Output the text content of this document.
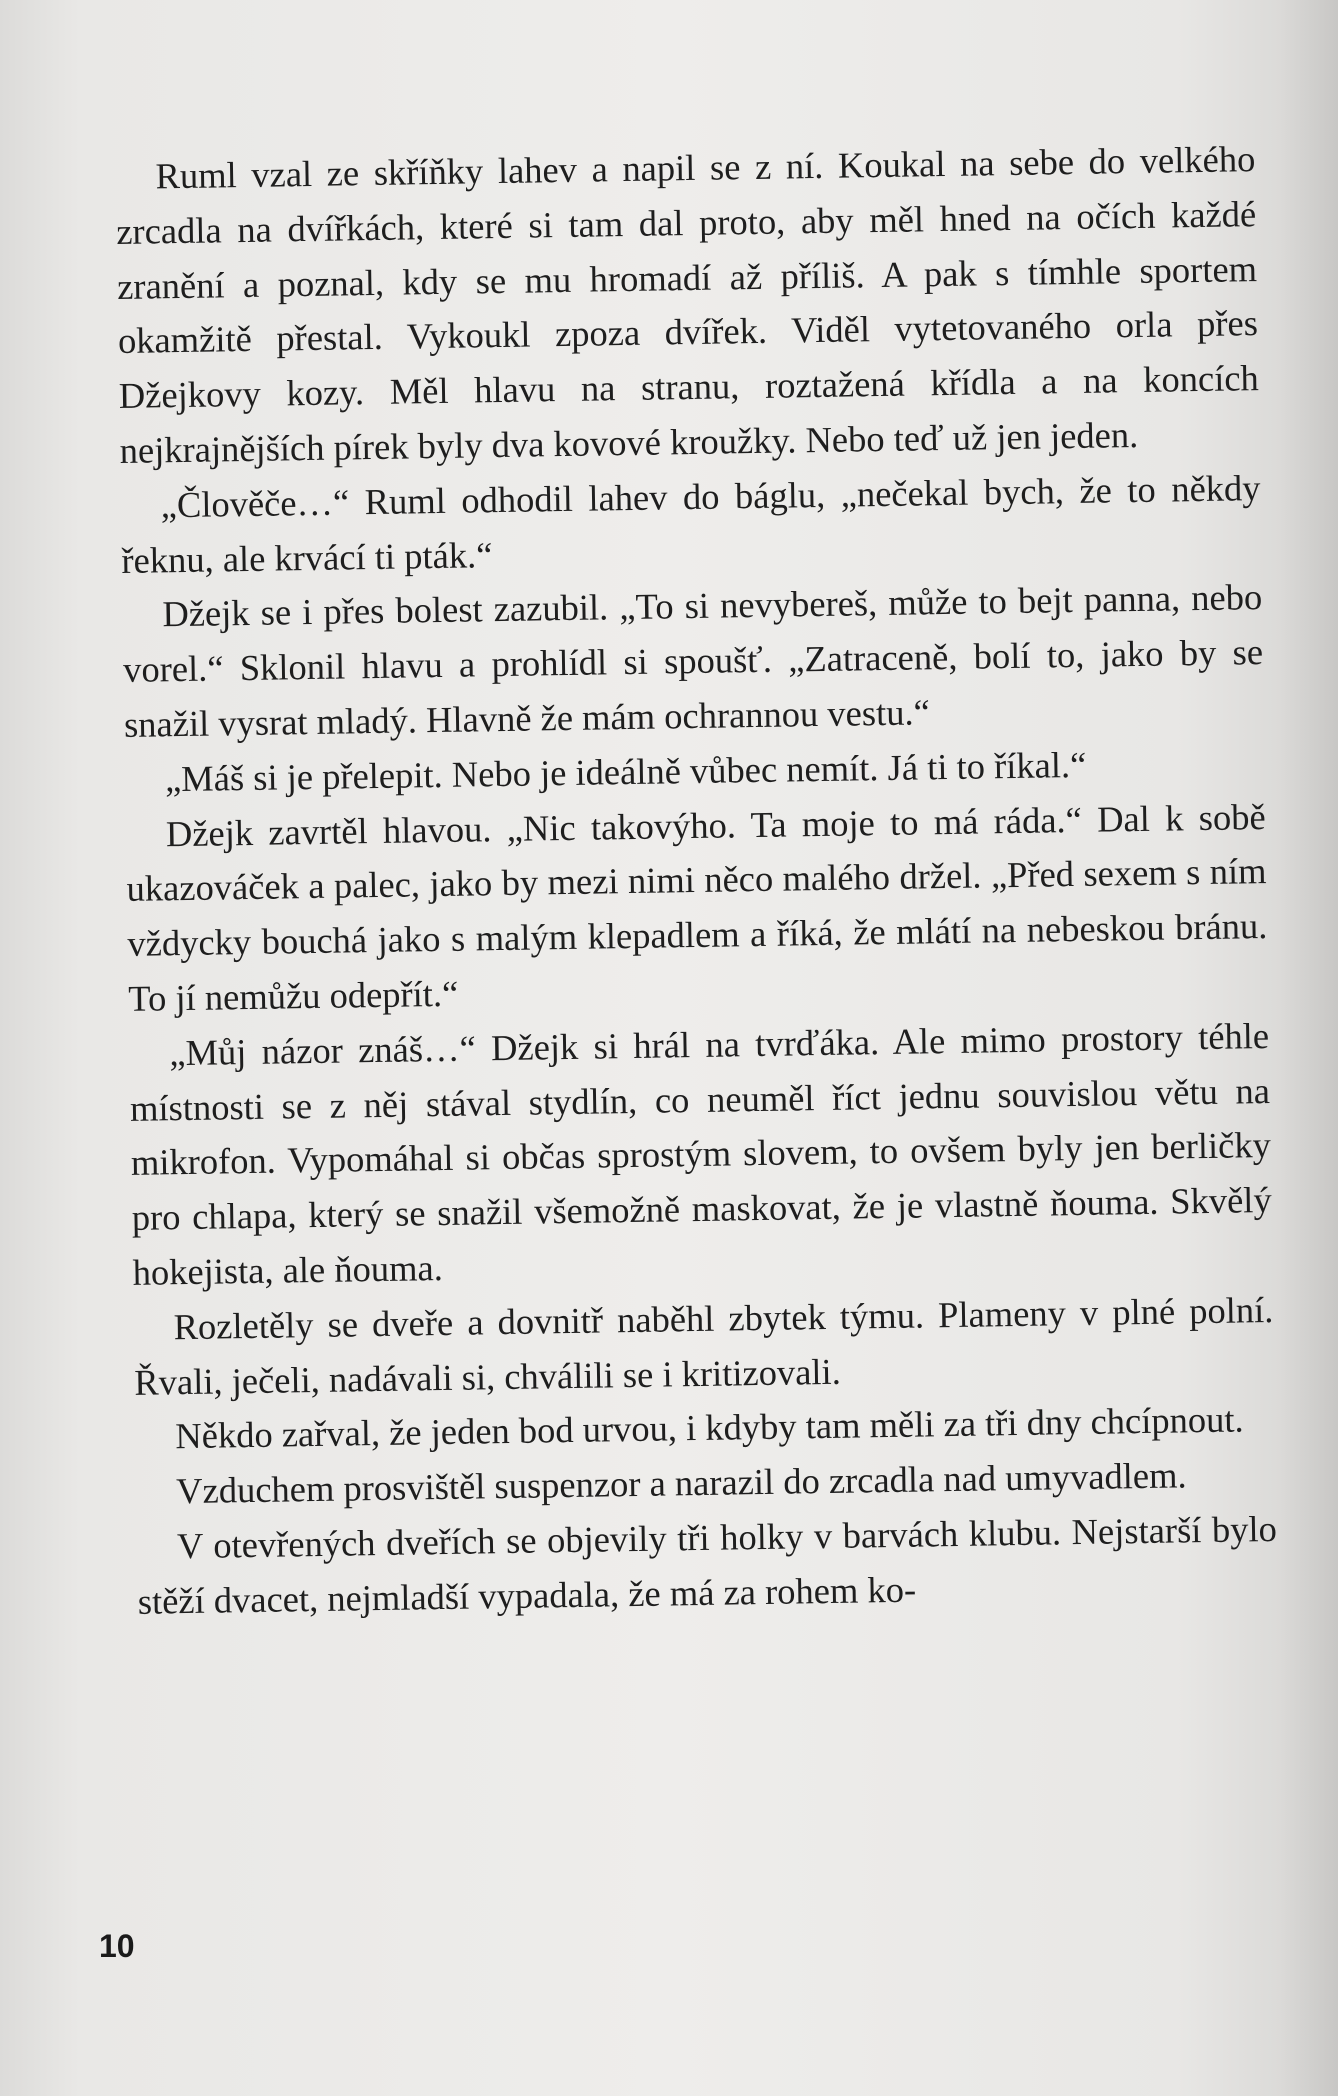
Ruml vzal ze skříňky lahev a napil se z ní. Koukal na sebe do velkého zrcadla na dvířkách, které si tam dal proto, aby měl hned na očích každé zranění a poznal, kdy se mu hromadí až příliš. A pak s tímhle sportem okamžitě přestal. Vykoukl zpoza dvířek. Viděl vytetovaného orla přes Džejkovy kozy. Měl hlavu na stranu, roztažená křídla a na koncích nejkrajnějších pírek byly dva kovové kroužky. Nebo teď už jen jeden.

„Člověče…“ Ruml odhodil lahev do báglu, „nečekal bych, že to někdy řeknu, ale krvácí ti pták.“

Džejk se i přes bolest zazubil. „To si nevybereš, může to bejt panna, nebo vorel.“ Sklonil hlavu a prohlídl si spoušť. „Zatraceně, bolí to, jako by se snažil vysrat mladý. Hlavně že mám ochrannou vestu.“

„Máš si je přelepit. Nebo je ideálně vůbec nemít. Já ti to říkal.“

Džejk zavrtěl hlavou. „Nic takovýho. Ta moje to má ráda.“ Dal k sobě ukazováček a palec, jako by mezi nimi něco malého držel. „Před sexem s ním vždycky bouchá jako s malým klepadlem a říká, že mlátí na nebeskou bránu. To jí nemůžu odepřít.“

„Můj názor znáš…“ Džejk si hrál na tvrďáka. Ale mimo prostory téhle místnosti se z něj stával stydlín, co neuměl říct jednu souvislou větu na mikrofon. Vypomáhal si občas sprostým slovem, to ovšem byly jen berličky pro chlapa, který se snažil všemožně maskovat, že je vlastně ňouma. Skvělý hokejista, ale ňouma.

Rozletěly se dveře a dovnitř naběhl zbytek týmu. Plameny v plné polní. Řvali, ječeli, nadávali si, chválili se i kritizovali.

Někdo zařval, že jeden bod urvou, i kdyby tam měli za tři dny chcípnout.

Vzduchem prosvištěl suspenzor a narazil do zrcadla nad umyvadlem.

V otevřených dveřích se objevily tři holky v barvách klubu. Nejstarší bylo stěží dvacet, nejmladší vypadala, že má za rohem ko-

10
